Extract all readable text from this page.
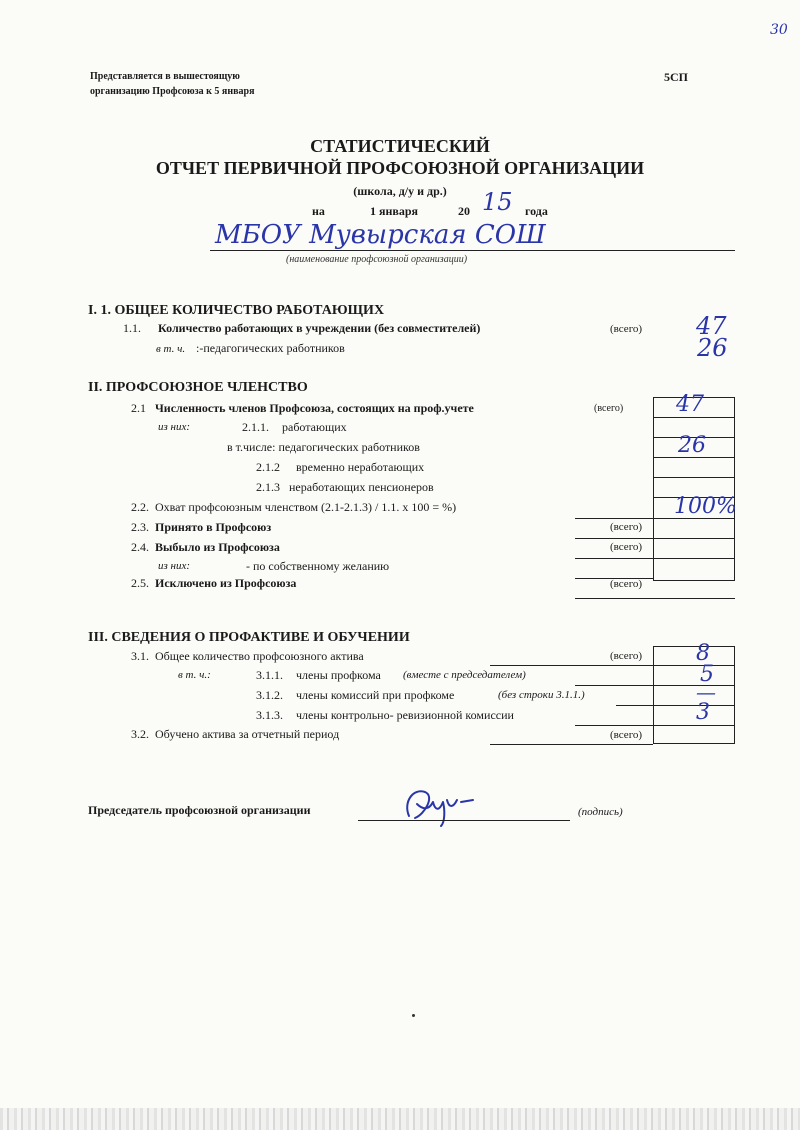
30
Представляется в вышестоящую
организацию Профсоюза к 5 января
5СП
СТАТИСТИЧЕСКИЙ
ОТЧЕТ ПЕРВИЧНОЙ ПРОФСОЮЗНОЙ ОРГАНИЗАЦИИ
(школа, д/у и др.)
на	1 января	20 15 года
МБОУ Мувырская СОШ
(наименование профсоюзной организации)
I. 1. ОБЩЕЕ КОЛИЧЕСТВО РАБОТАЮЩИХ
1.1. Количество работающих в учреждении (без совместителей)	(всего) 47
в т. ч. :-педагогических работников	26
II. ПРОФСОЮЗНОЕ ЧЛЕНСТВО
2.1 Численность членов Профсоюза, состоящих на проф.учете	(всего) 47
из них:	2.1.1. работающих
в т.числе: педагогических работников	26
2.1.2 временно неработающих
2.1.3 неработающих пенсионеров
2.2. Охват профсоюзным членством (2.1-2.1.3) / 1.1. х 100 = %)	100%
2.3. Принято в Профсоюз	(всего)
2.4. Выбыло из Профсоюза	(всего)
из них:	- по собственному желанию
2.5. Исключено из Профсоюза	(всего)
III. СВЕДЕНИЯ О ПРОФАКТИВЕ И ОБУЧЕНИИ
3.1. Общее количество профсоюзного актива	(всего) 8
в т. ч.:	3.1.1. члены профкома (вместе с председателем)	5
3.1.2. члены комиссий при профкоме	(без строки 3.1.1.)	—
3.1.3. члены контрольно- ревизионной комиссии	3
3.2. Обучено актива за отчетный период	(всего)
Председатель профсоюзной организации	(подпись)
